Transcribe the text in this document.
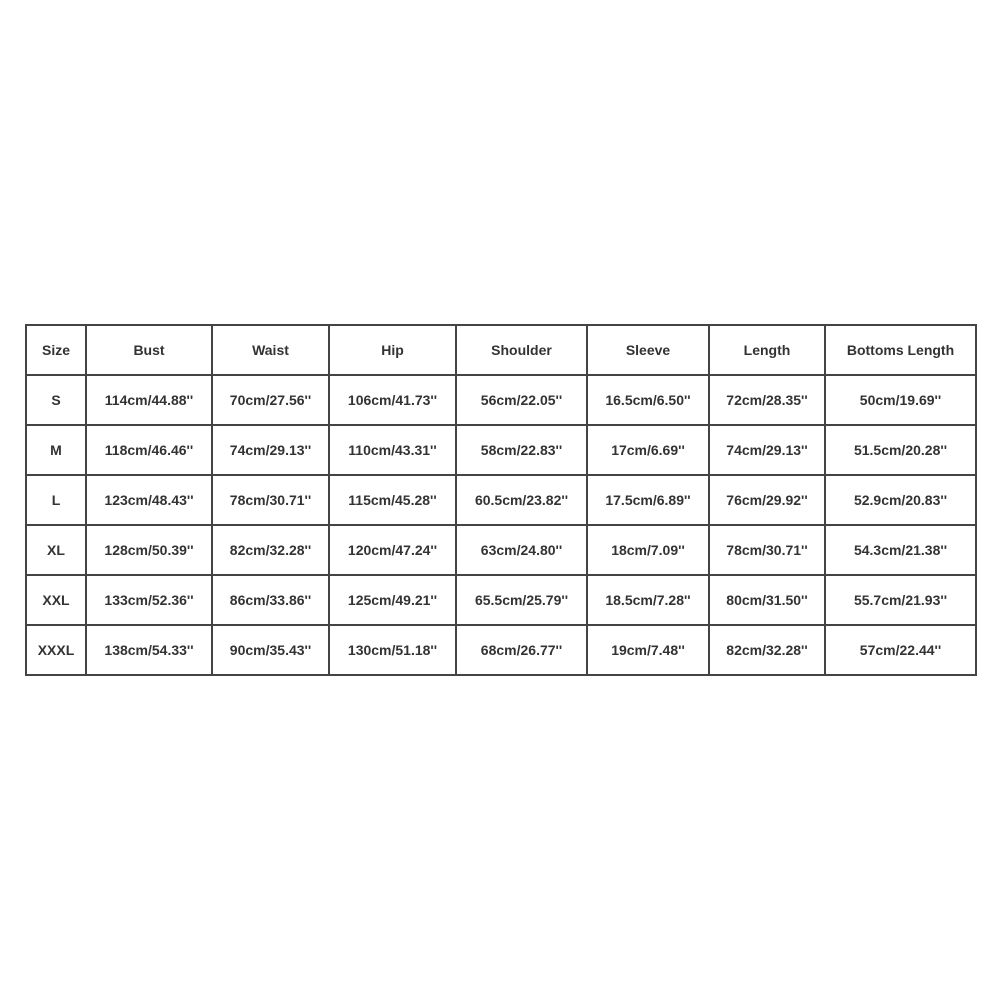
Size	Bust	Waist	Hip	Shoulder	Sleeve	Length	Bottoms Length
S	114cm/44.88''	70cm/27.56''	106cm/41.73''	56cm/22.05''	16.5cm/6.50''	72cm/28.35''	50cm/19.69''
M	118cm/46.46''	74cm/29.13''	110cm/43.31''	58cm/22.83''	17cm/6.69''	74cm/29.13''	51.5cm/20.28''
L	123cm/48.43''	78cm/30.71''	115cm/45.28''	60.5cm/23.82''	17.5cm/6.89''	76cm/29.92''	52.9cm/20.83''
XL	128cm/50.39''	82cm/32.28''	120cm/47.24''	63cm/24.80''	18cm/7.09''	78cm/30.71''	54.3cm/21.38''
XXL	133cm/52.36''	86cm/33.86''	125cm/49.21''	65.5cm/25.79''	18.5cm/7.28''	80cm/31.50''	55.7cm/21.93''
XXXL	138cm/54.33''	90cm/35.43''	130cm/51.18''	68cm/26.77''	19cm/7.48''	82cm/32.28''	57cm/22.44''
